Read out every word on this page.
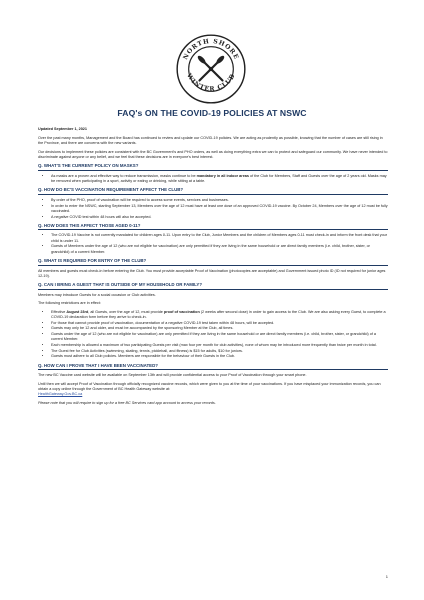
NORTH SHORE
WINTER CLUB
FAQ's ON THE COVID-19 POLICIES AT NSWC

Updated September 1, 2021

Over the past many months, Management and the Board has continued to review and update our COVID-19 policies. We are acting as prudently as possible, knowing that the number of cases are still rising in the Province, and there are concerns with the new variants.

Our decisions to implement these policies are consistent with the BC Government's and PHO orders, as well as doing everything extra we can to protect and safeguard our community. We have never intended to discriminate against anyone or any belief, and we feel that these decisions are in everyone's best interest.

Q. WHAT'S THE CURRENT POLICY ON MASKS?
• As masks are a proven and effective way to reduce transmission, masks continue to be mandatory in all indoor areas of the Club for Members, Staff and Guests over the age of 2 years old. Masks may be removed when participating in a sport, activity or eating or drinking, while sitting at a table.
Q. HOW DO BC'S VACCINATION REQUIREMENT AFFECT THE CLUB?
• By order of the PHO, proof of vaccination will be required to access some events, services and businesses.
• In order to enter the NSWC, starting September 13, Members over the age of 12 must have at least one dose of an approved COVID-19 vaccine. By October 24, Members over the age of 12 must be fully vaccinated.
• A negative COVID test within 48 hours will also be accepted.
Q. HOW DOES THIS AFFECT THOSE AGED 0-11?
• The COVID-19 Vaccine is not currently mandated for children ages 0-11. Upon entry to the Club, Junior Members and the children of Members ages 0-11 must check-in and inform the front desk that your child is under 11.
• Guests of Members under the age of 12 (who are not eligible for vaccination) are only permitted if they are living in the same household or are direct family members (i.e. child, brother, sister, or grandchild) of a current Member.
Q. WHAT IS REQUIRED FOR ENTRY OF THE CLUB?

All members and guests must check-in before entering the Club. You must provide acceptable Proof of Vaccination (photocopies are acceptable) and Government issued photo ID (ID not required for junior ages 12-19).

Q. CAN I BRING A GUEST THAT IS OUTSIDE OF MY HOUSEHOLD OR FAMILY?

Members may introduce Guests for a social occasion or Club activities.

The following restrictions are in effect:

• Effective August 23rd, all Guests, over the age of 12, must provide proof of vaccination (2 weeks after second dose) in order to gain access to the Club. We are also asking every Guest, to complete a COVID-19 declaration form before they arrive to check-in.
• For those that cannot provide proof of vaccination, documentation of a negative COVID-19 test taken within 48 hours, will be accepted.
• Guests may only be 12 and older, and must be accompanied by the sponsoring Member at the Club, all times.
• Guests under the age of 12 (who are not eligible for vaccination) are only permitted if they are living in the same household or are direct family members (i.e. child, brother, sister, or grandchild) of a current Member.
• Each membership is allowed a maximum of two participating Guests per visit (max four per month for club activities), none of whom may be introduced more frequently than twice per month in total.
• The Guest fee for Club Activities (swimming, skating, tennis, pickleball, and fitness) is $15 for adults, $10 for juniors.
• Guests must adhere to all Club policies. Members are responsible for the behaviour of their Guests in the Club.
Q. HOW CAN I PROVE THAT I HAVE BEEN VACCINATED?

The new BC Vaccine card website will be available on September 13th and will provide confidential access to your Proof of Vaccination through your smart phone.

Until then we will accept Proof of Vaccination through officially recognized vaccine records, which were given to you at the time of your vaccinations. If you have misplaced your immunization records, you can obtain a copy online through the Government of BC Health Gateway website at:
HealthGateway.Gov.BC.ca

Please note that you will require to sign up for a free BC Services card app account to access your records.

1
